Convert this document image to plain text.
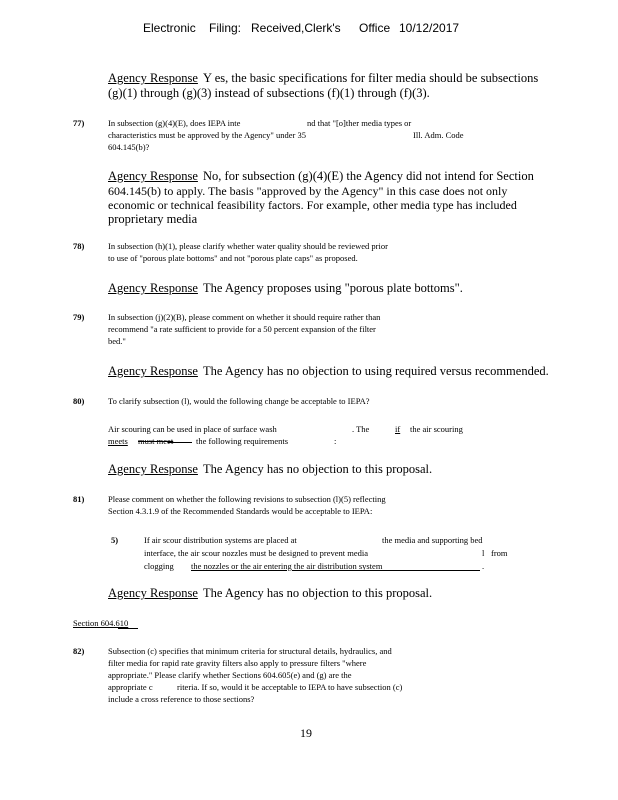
Electronic Filing: Received,Clerk's Office 10/12/2017
Agency Response Y es, the basic specifications for filter media should be subsections
(g)(1) through (g)(3) instead of subsections (f)(1) through (f)(3).
77)	In subsection (g)(4)(E), does IEPA inte	nd that "[o]ther media types or
characteristics must be approved by the Agency" under 35	Ill. Adm. Code
604.145(b)?
Agency Response No, for subsection (g)(4)(E) the Agency did not intend for Section
604.145(b) to apply. The basis "approved by the Agency" in this case does not only
economic or technical feasibility factors. For example, other media type has included
proprietary media
78)	In subsection (h)(1), please clarify whether water quality should be reviewed prior
to use of "porous plate bottoms" and not "porous plate caps" as proposed.
Agency Response The Agency proposes using "porous plate bottoms".
79)	In subsection (j)(2)(B), please comment on whether it should require rather than
recommend "a rate sufficient to provide for a 50 percent expansion of the filter
bed."
Agency Response The Agency has no objection to using required versus recommended.
80)	To clarify subsection (l), would the following change be acceptable to IEPA?
Air scouring can be used in place of surface wash	. The	if the air scouring
meets must meet	the following requirements	:
Agency Response The Agency has no objection to this proposal.
81)	Please comment on whether the following revisions to subsection (l)(5) reflecting
Section 4.3.1.9 of the Recommended Standards would be acceptable to IEPA:
5)	If air scour distribution systems are placed at	the media and supporting bed
interface, the air scour nozzles must be designed to prevent media	l from
clogging the nozzles or the air entering the air distribution system	.
Agency Response The Agency has no objection to this proposal.
Section 604.610
82)	Subsection (c) specifies that minimum criteria for structural details, hydraulics, and
filter media for rapid rate gravity filters also apply to pressure filters "where
appropriate." Please clarify whether Sections 604.605(e) and (g) are the
appropriate c	riteria. If so, would it be acceptable to IEPA to have subsection (c)
include a cross reference to those sections?
19
